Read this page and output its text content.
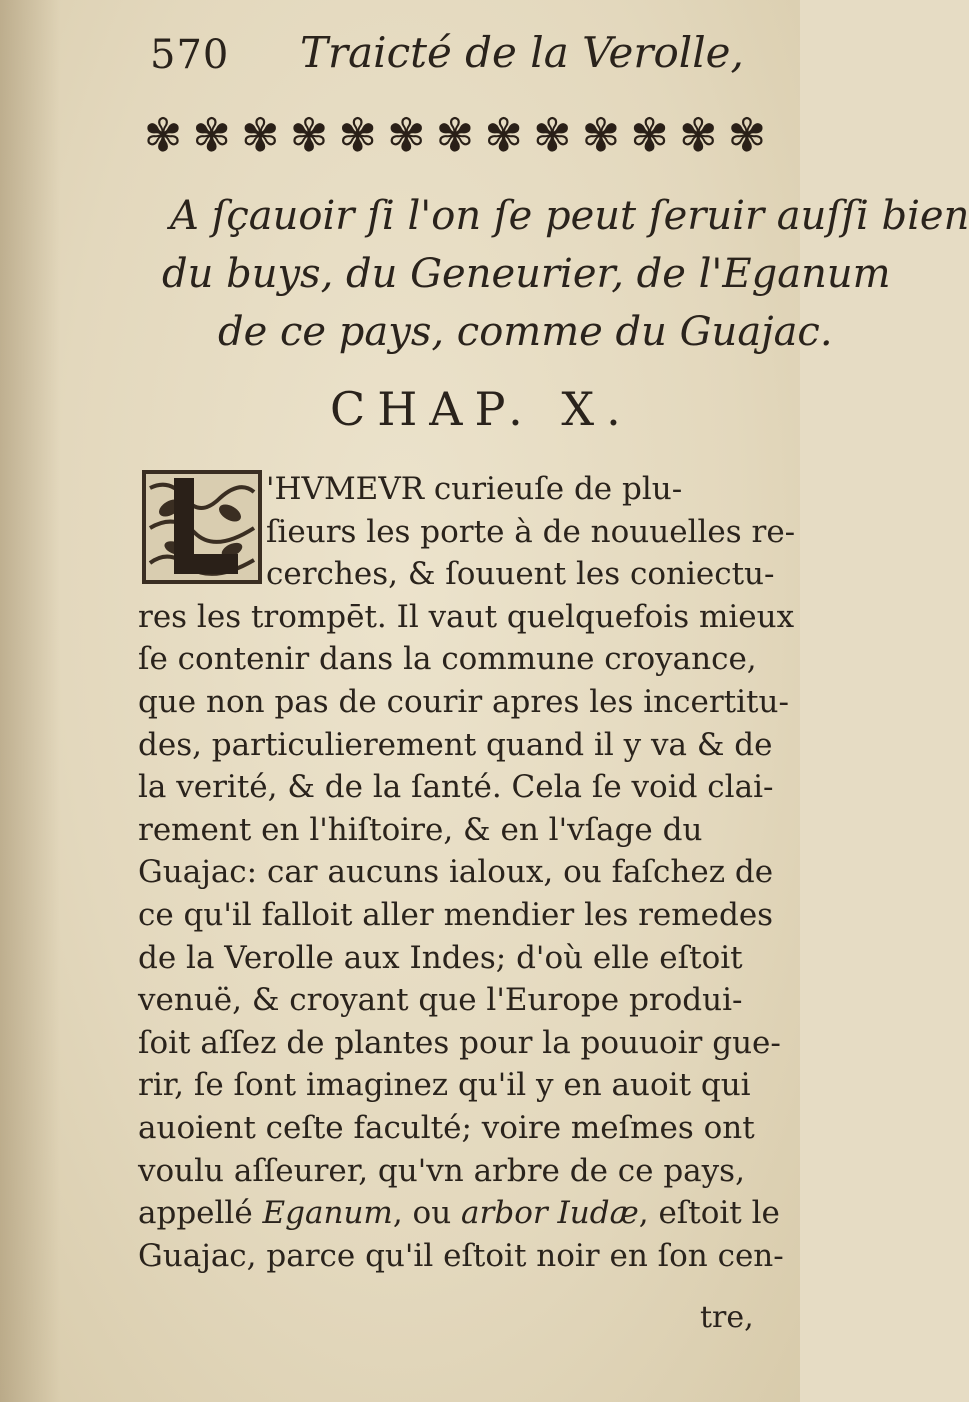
570 Traicté de la Verolle,
✾ ✾ ✾ ✾ ✾ ✾ ✾ ✾ ✾ ✾ ✾ ✾ ✾
A ſçauoir ſi l'on ſe peut ſeruir auſſi bien
du buys, du Geneurier, de l'Eganum
de ce pays, comme du Guajac.
CHAP. X.
'HVMEVR curieuſe de plu-
ſieurs les porte à de nouuelles re-
cerches, & ſouuent les coniectu-
res les trompēt. Il vaut quelquefois mieux
ſe contenir dans la commune croyance,
que non pas de courir apres les incertitu-
des, particulierement quand il y va & de
la verité, & de la ſanté. Cela ſe void clai-
rement en l'hiſtoire, & en l'vſage du
Guajac: car aucuns ialoux, ou faſchez de
ce qu'il falloit aller mendier les remedes
de la Verolle aux Indes; d'où elle eſtoit
venuë, & croyant que l'Europe produi-
ſoit aſſez de plantes pour la pouuoir gue-
rir, ſe ſont imaginez qu'il y en auoit qui
auoient ceſte faculté; voire meſmes ont
voulu aſſeurer, qu'vn arbre de ce pays,
appellé Eganum, ou arbor Iudæ, eſtoit le
Guajac, parce qu'il eſtoit noir en ſon cen-
tre,
